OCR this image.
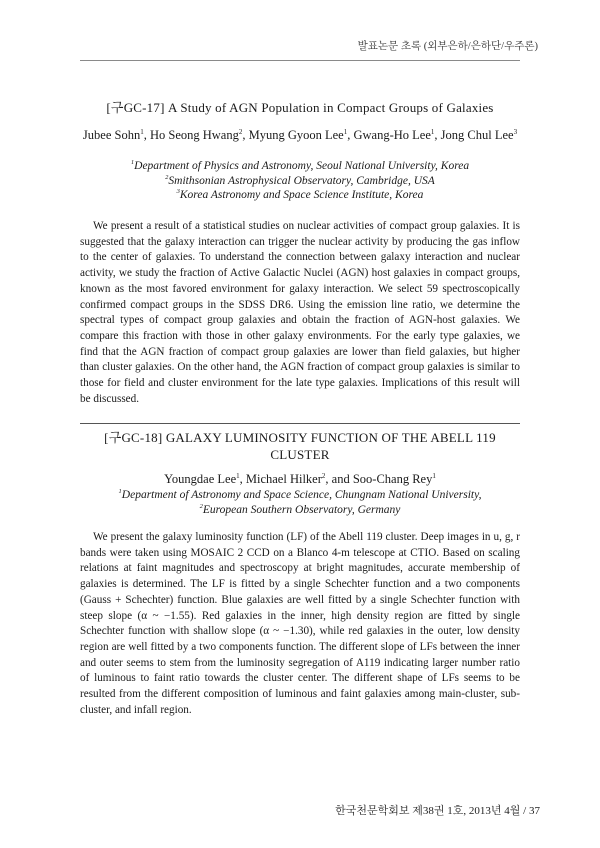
발표논문 초록 (외부은하/은하단/우주론)
[구GC-17] A Study of AGN Population in Compact Groups of Galaxies
Jubee Sohn$^1$, Ho Seong Hwang$^2$, Myung Gyoon Lee$^1$, Gwang-Ho Lee$^1$, Jong Chul Lee$^3$
$^1$Department of Physics and Astronomy, Seoul National University, Korea
$^2$Smithsonian Astrophysical Observatory, Cambridge, USA
$^3$Korea Astronomy and Space Science Institute, Korea

We present a result of a statistical studies on nuclear activities of compact group galaxies. It is suggested that the galaxy interaction can trigger the nuclear activity by producing the gas inflow to the center of galaxies. To understand the connection between galaxy interaction and nuclear activity, we study the fraction of Active Galactic Nuclei (AGN) host galaxies in compact groups, known as the most favored environment for galaxy interaction. We select 59 spectroscopically confirmed compact groups in the SDSS DR6. Using the emission line ratio, we determine the spectral types of compact group galaxies and obtain the fraction of AGN-host galaxies. We compare this fraction with those in other galaxy environments. For the early type galaxies, we find that the AGN fraction of compact group galaxies are lower than field galaxies, but higher than cluster galaxies. On the other hand, the AGN fraction of compact group galaxies is similar to those for field and cluster environment for the late type galaxies. Implications of this result will be discussed.

[구GC-18] GALAXY LUMINOSITY FUNCTION OF THE ABELL 119 CLUSTER
Youngdae Lee$^1$, Michael Hilker$^2$, and Soo-Chang Rey$^1$
$^1$Department of Astronomy and Space Science, Chungnam National University,
$^2$European Southern Observatory, Germany

We present the galaxy luminosity function (LF) of the Abell 119 cluster. Deep images in u, g, r bands were taken using MOSAIC 2 CCD on a Blanco 4-m telescope at CTIO. Based on scaling relations at faint magnitudes and spectroscopy at bright magnitudes, accurate membership of galaxies is determined. The LF is fitted by a single Schechter function and a two components (Gauss + Schechter) function. Blue galaxies are well fitted by a single Schechter function with steep slope (α ~ −1.55). Red galaxies in the inner, high density region are fitted by single Schechter function with shallow slope (α ~ −1.30), while red galaxies in the outer, low density region are well fitted by a two components function. The different slope of LFs between the inner and outer seems to stem from the luminosity segregation of A119 indicating larger number ratio of luminous to faint ratio towards the cluster center. The different shape of LFs seems to be resulted from the different composition of luminous and faint galaxies among main-cluster, sub-cluster, and infall region.

한국천문학회보 제38권 1호, 2013년 4월 / 37
